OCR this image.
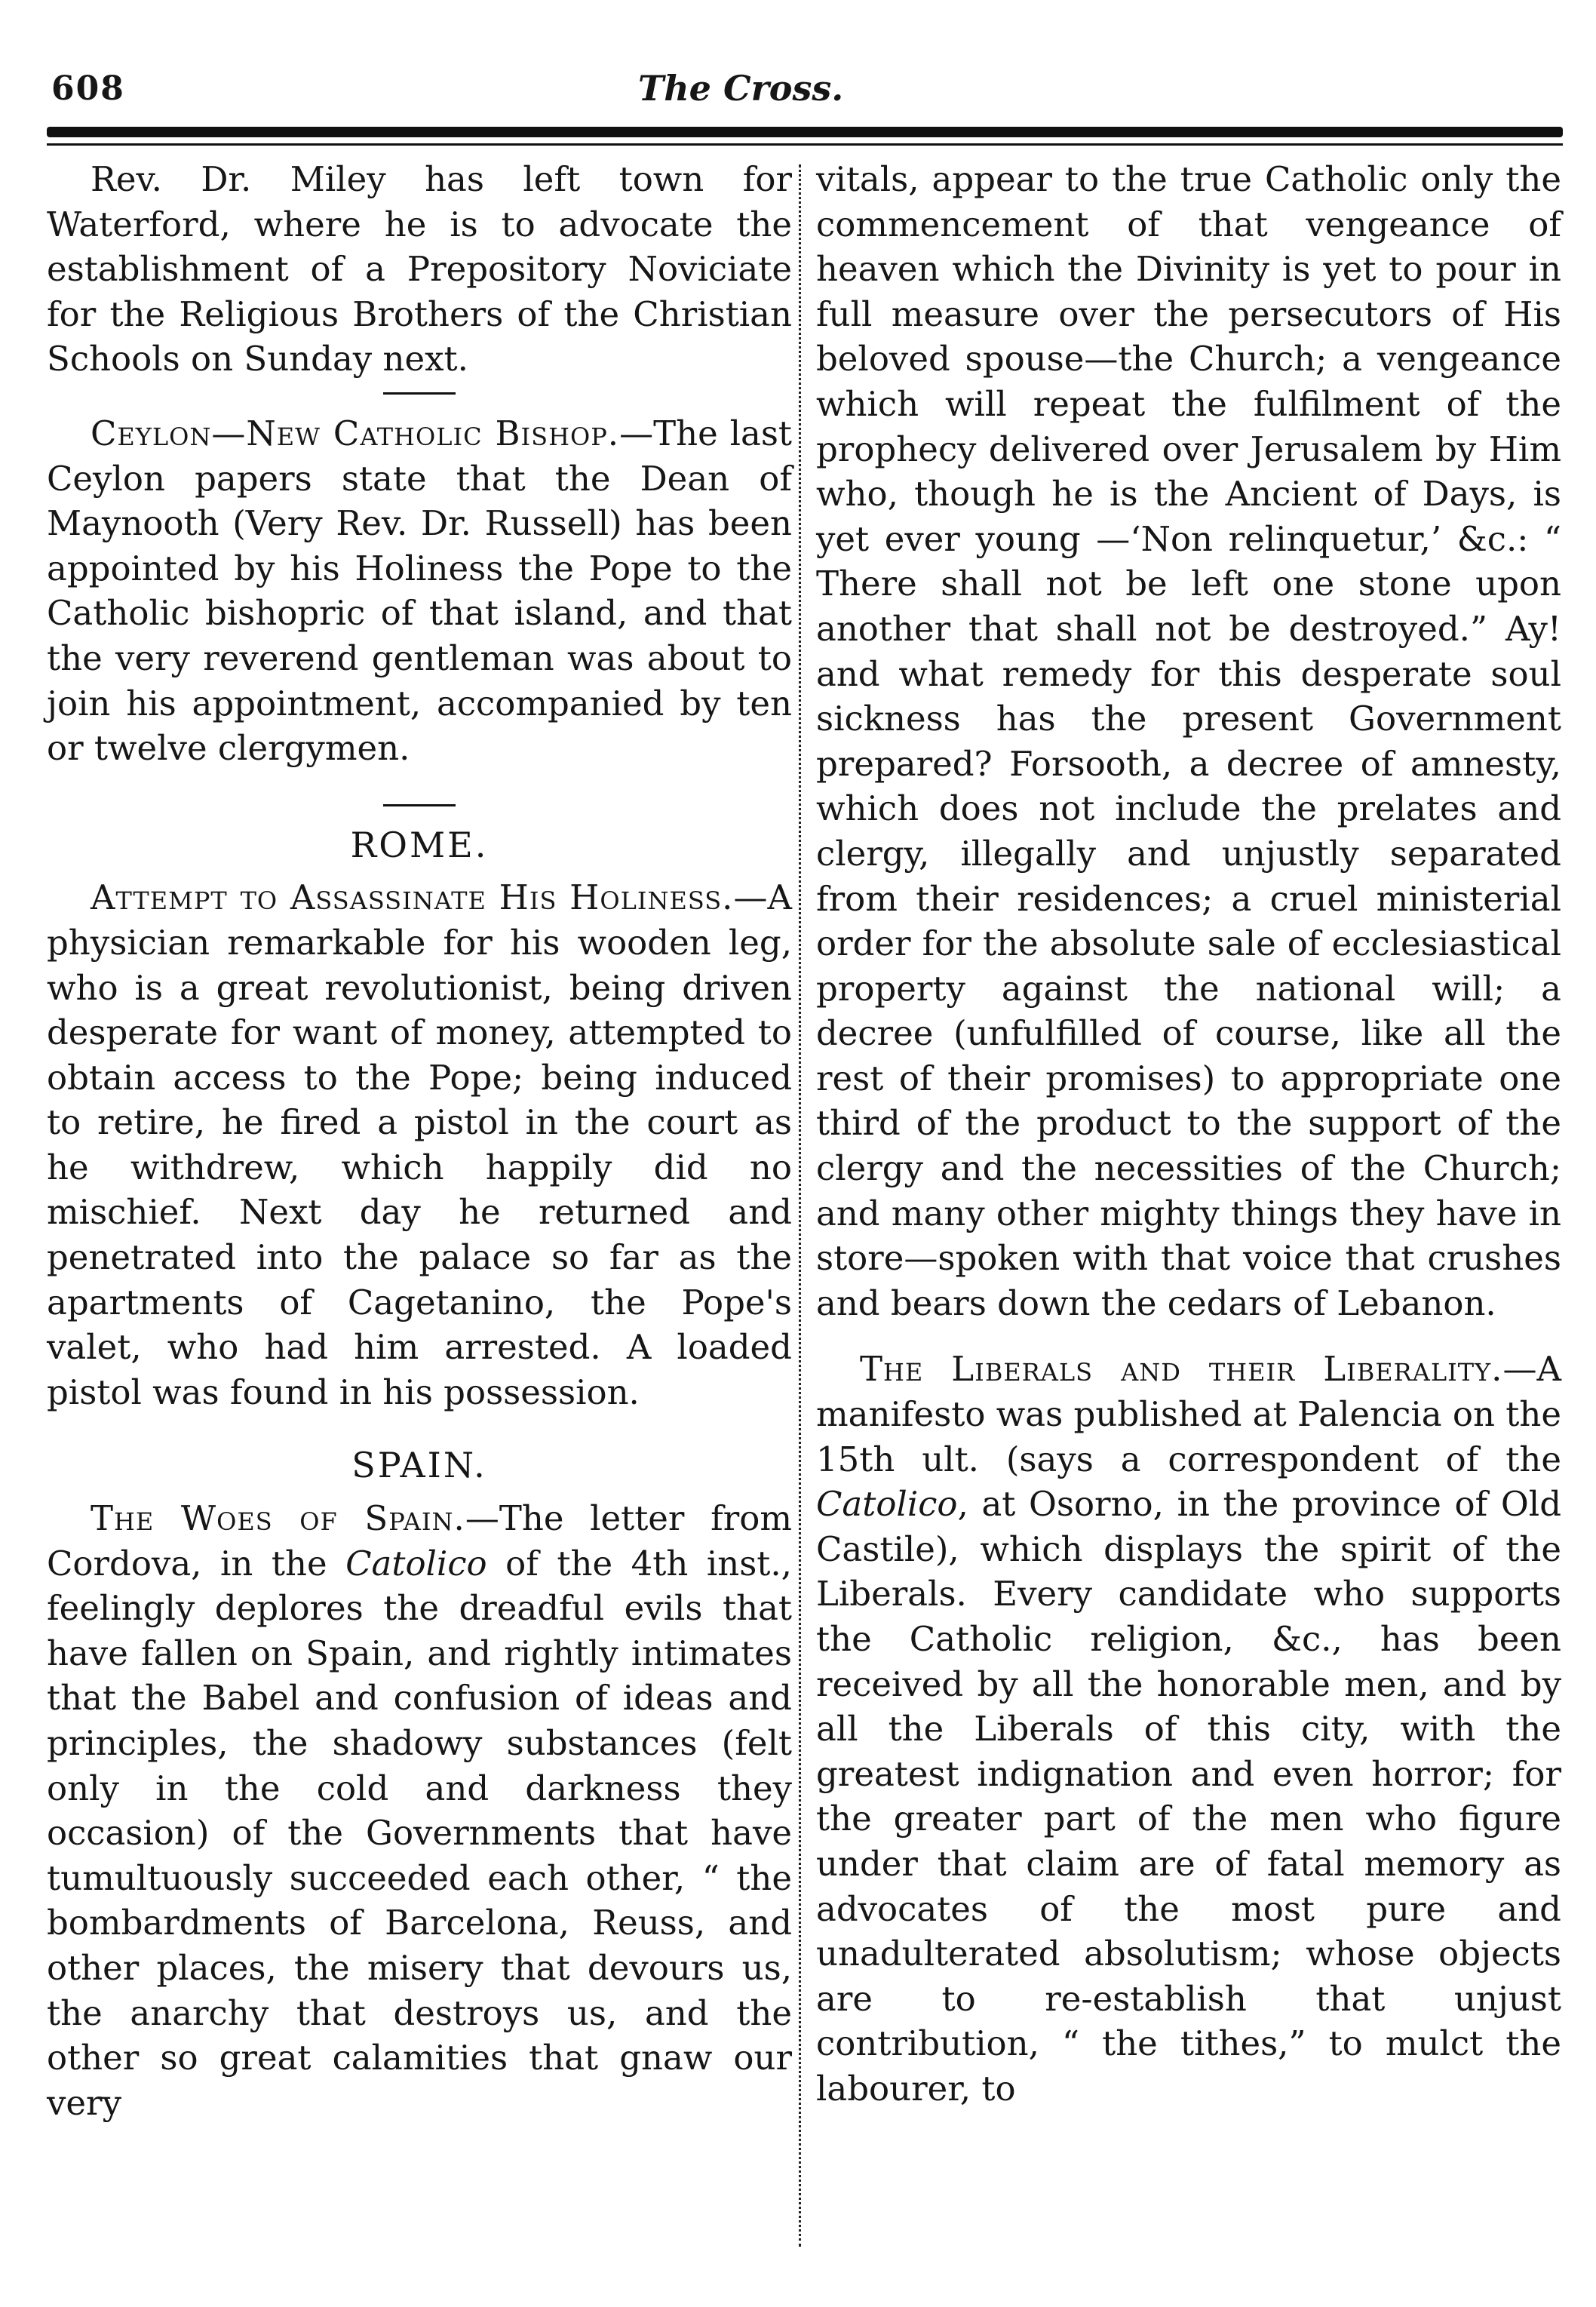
608	The Cross.

Rev. Dr. Miley has left town for Waterford, where he is to advocate the establishment of a Prepository Noviciate for the Religious Brothers of the Christian Schools on Sunday next.

Ceylon—New Catholic Bishop.—The last Ceylon papers state that the Dean of Maynooth (Very Rev. Dr. Russell) has been appointed by his Holiness the Pope to the Catholic bishopric of that island, and that the very reverend gentleman was about to join his appointment, accompanied by ten or twelve clergymen.

ROME.

Attempt to Assassinate His Holiness.—A physician remarkable for his wooden leg, who is a great revolutionist, being driven desperate for want of money, attempted to obtain access to the Pope; being induced to retire, he fired a pistol in the court as he withdrew, which happily did no mischief. Next day he returned and penetrated into the palace so far as the apartments of Cagetanino, the Pope's valet, who had him arrested. A loaded pistol was found in his possession.

SPAIN.

The Woes of Spain.—The letter from Cordova, in the Catolico of the 4th inst., feelingly deplores the dreadful evils that have fallen on Spain, and rightly intimates that the Babel and confusion of ideas and principles, the shadowy substances (felt only in the cold and darkness they occasion) of the Governments that have tumultuously succeeded each other, “ the bombardments of Barcelona, Reuss, and other places, the misery that devours us, the anarchy that destroys us, and the other so great calamities that gnaw our very

vitals, appear to the true Catholic only the commencement of that vengeance of heaven which the Divinity is yet to pour in full measure over the persecutors of His beloved spouse—the Church; a vengeance which will repeat the fulfilment of the prophecy delivered over Jerusalem by Him who, though he is the Ancient of Days, is yet ever young —‘Non relinquetur,’ &c.: “ There shall not be left one stone upon another that shall not be destroyed.” Ay! and what remedy for this desperate soul sickness has the present Government prepared? Forsooth, a decree of amnesty, which does not include the prelates and clergy, illegally and unjustly separated from their residences; a cruel ministerial order for the absolute sale of ecclesiastical property against the national will; a decree (unfulfilled of course, like all the rest of their promises) to appropriate one third of the product to the support of the clergy and the necessities of the Church; and many other mighty things they have in store—spoken with that voice that crushes and bears down the cedars of Lebanon.

The Liberals and their Liberality.—A manifesto was published at Palencia on the 15th ult. (says a correspondent of the Catolico, at Osorno, in the province of Old Castile), which displays the spirit of the Liberals. Every candidate who supports the Catholic religion, &c., has been received by all the honorable men, and by all the Liberals of this city, with the greatest indignation and even horror; for the greater part of the men who figure under that claim are of fatal memory as advocates of the most pure and unadulterated absolutism; whose objects are to re-establish that unjust contribution, “ the tithes,” to mulct the labourer, to
